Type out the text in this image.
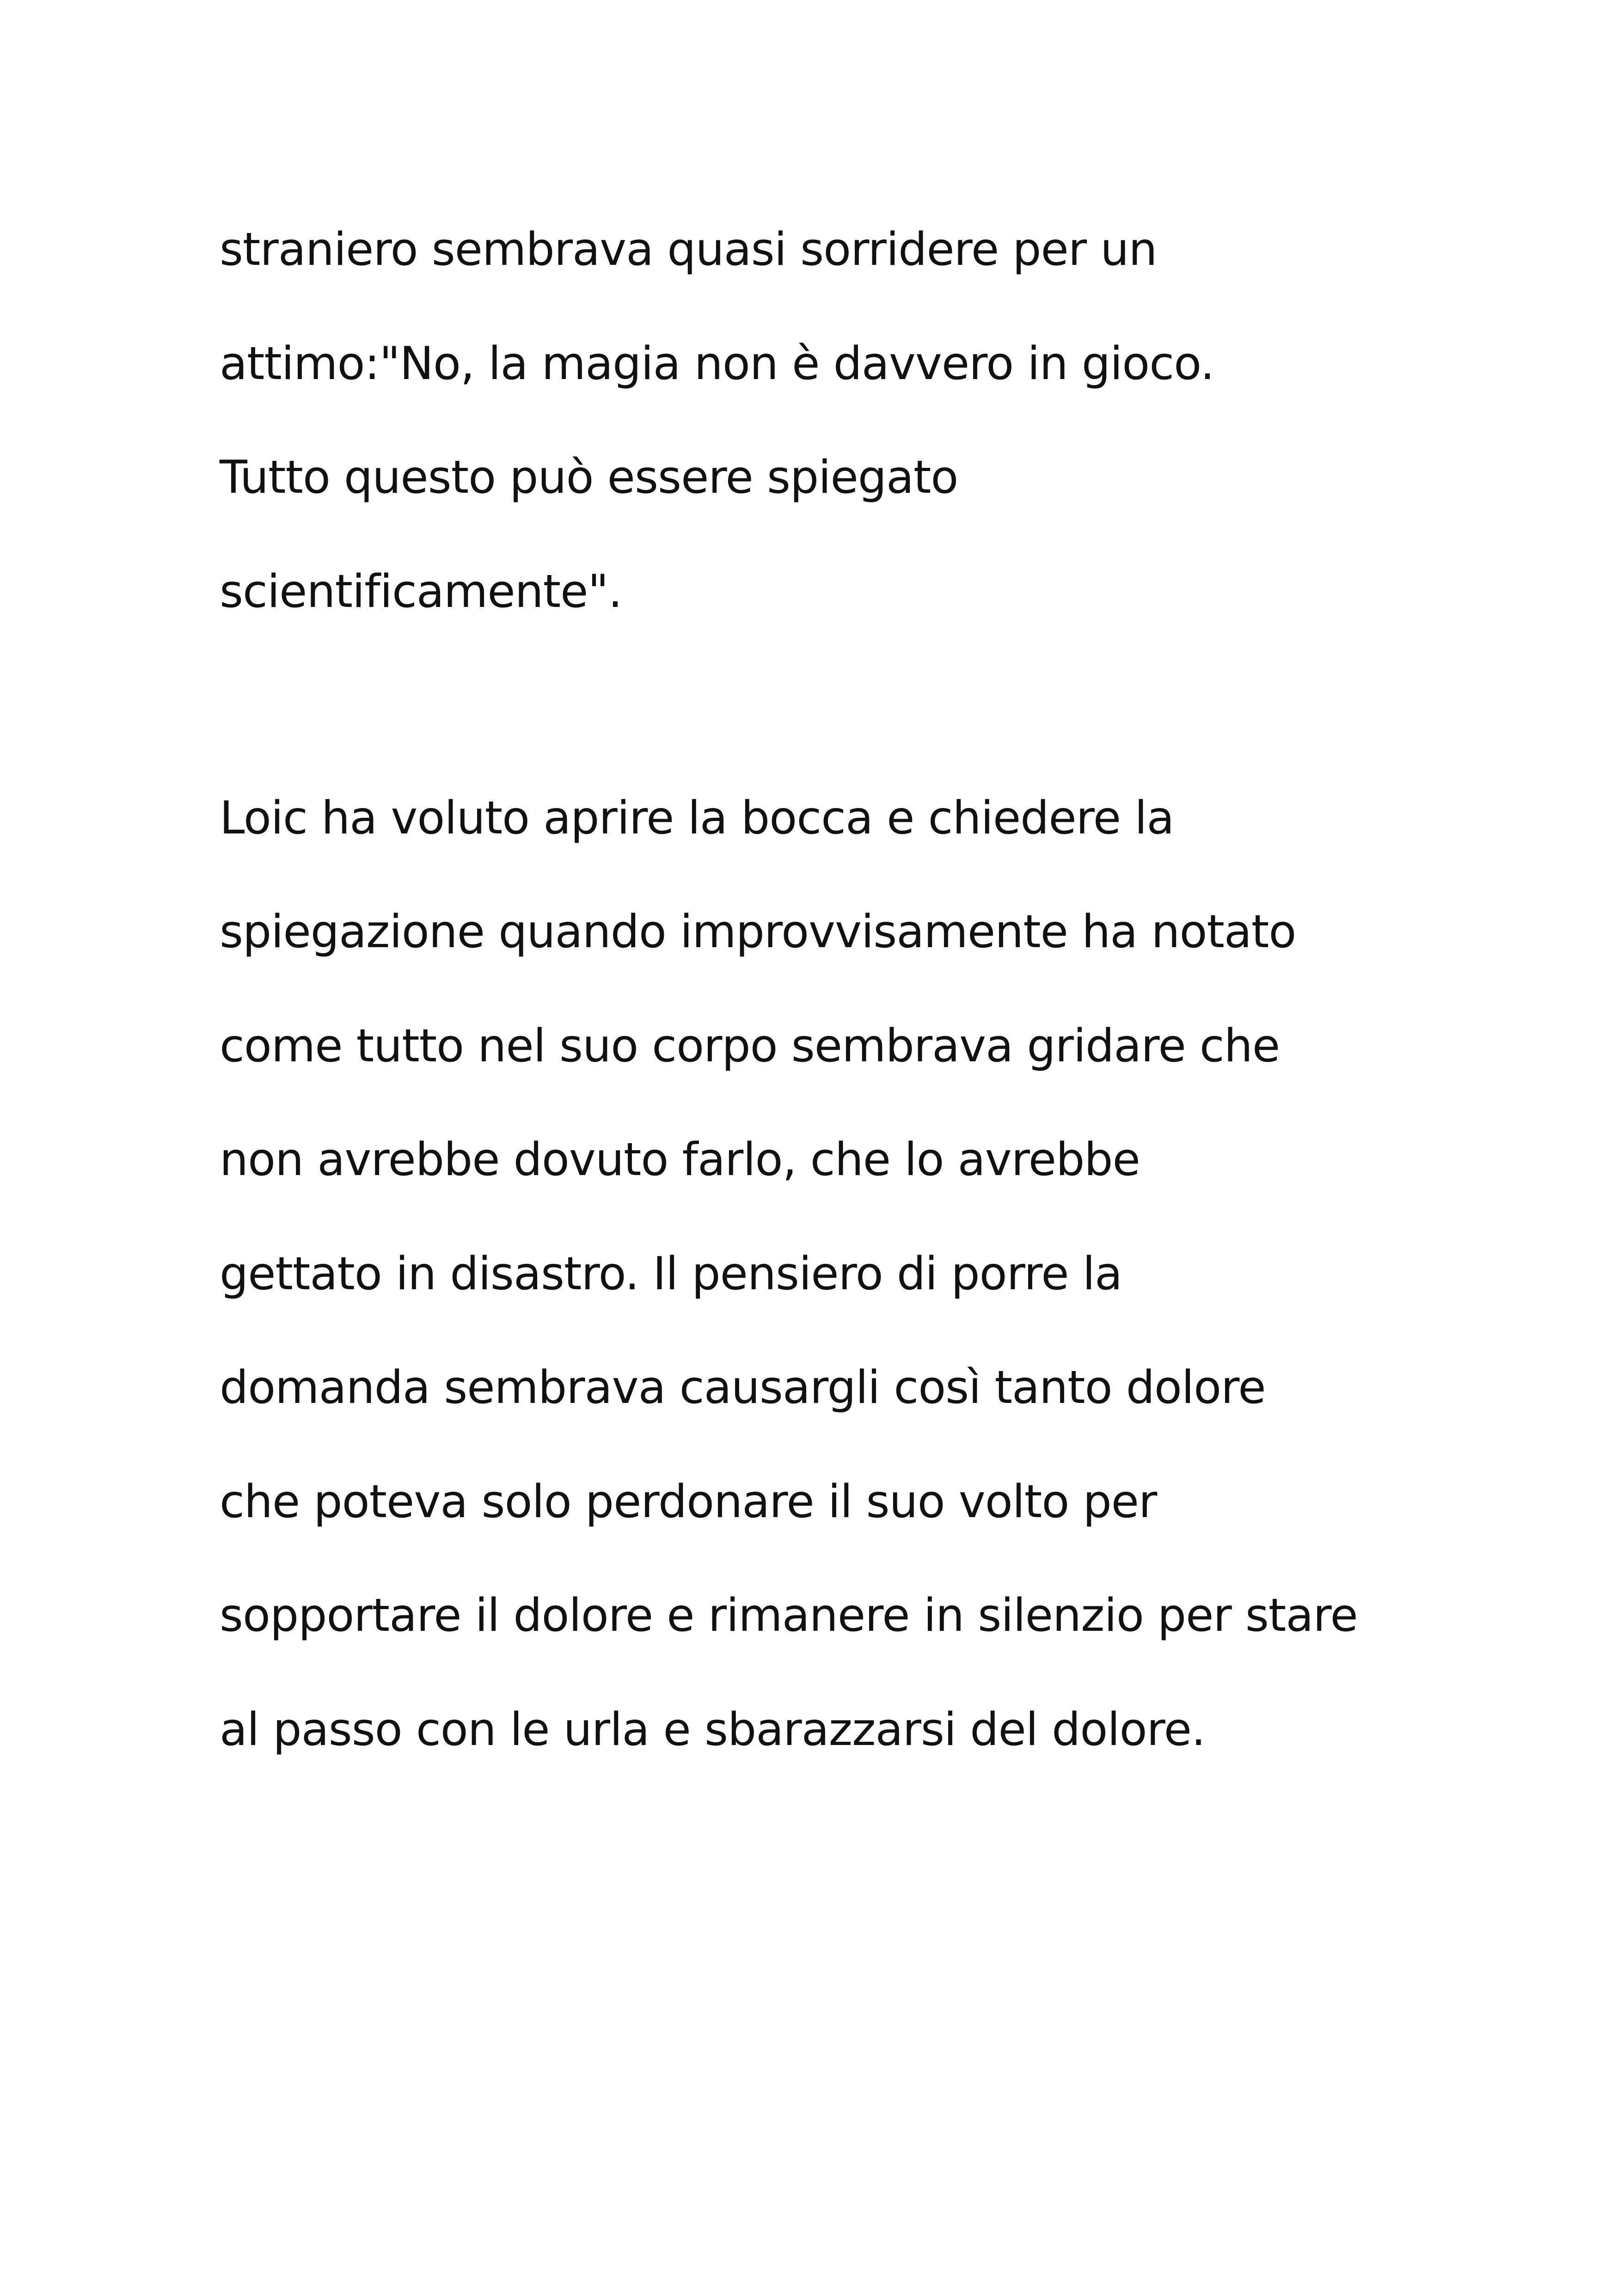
straniero sembrava quasi sorridere per un

attimo:"No, la magia non è davvero in gioco.

Tutto questo può essere spiegato

scientificamente".

Loic ha voluto aprire la bocca e chiedere la

spiegazione quando improvvisamente ha notato

come tutto nel suo corpo sembrava gridare che

non avrebbe dovuto farlo, che lo avrebbe

gettato in disastro. Il pensiero di porre la

domanda sembrava causargli così tanto dolore

che poteva solo perdonare il suo volto per

sopportare il dolore e rimanere in silenzio per stare

al passo con le urla e sbarazzarsi del dolore.
